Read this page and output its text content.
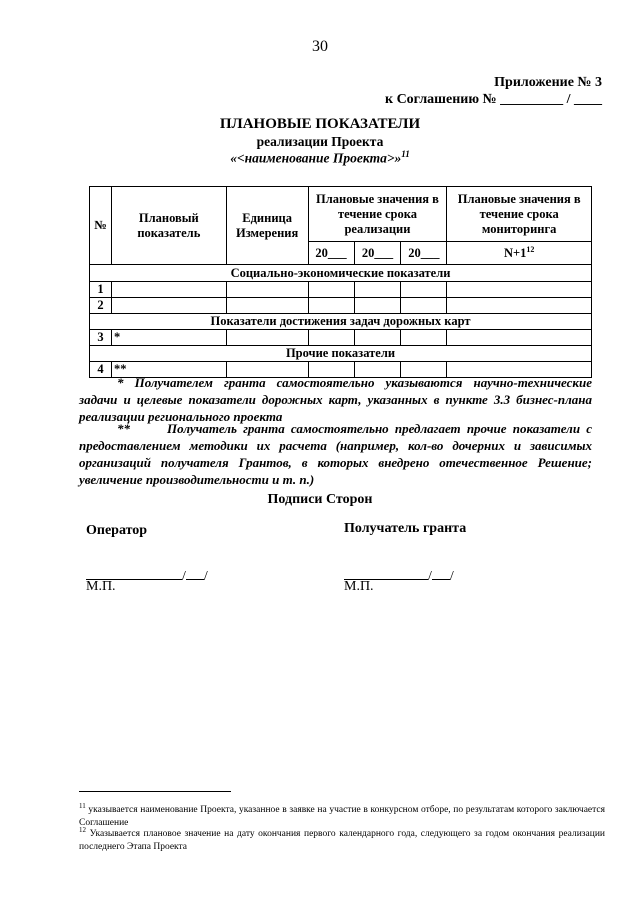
30
Приложение № 3
к Соглашению № _________ / ____
ПЛАНОВЫЕ ПОКАЗАТЕЛИ
реализации Проекта
«<наименование Проекта>»$^{11}$
№	Плановый показатель	Единица Измерения	Плановые значения в течение срока реализации			Плановые значения в течение срока мониторинга
			20___	20___	20___	$N+1^{12}$
Социально-экономические показатели						
1						
2						
Показатели достижения задач дорожных карт						
3	*					
Прочие показатели						
4	**					
* Получателем гранта самостоятельно указываются научно-технические задачи и целевые показатели дорожных карт, указанных в пункте 3.3 бизнес-плана реализации регионального проекта
**	Получатель гранта самостоятельно предлагает прочие показатели с предоставлением методики их расчета (например, кол-во дочерних и зависимых организаций получателя Грантов, в которых внедрено отечественное Решение; увеличение производительности и т. п.)
Подписи Сторон
Оператор	Получатель гранта
/ /	/ /
М.П.	М.П.
$^{11}$ указывается наименование Проекта, указанное в заявке на участие в конкурсном отборе, по результатам которого заключается Соглашение
$^{12}$ Указывается плановое значение на дату окончания первого календарного года, следующего за годом окончания реализации последнего Этапа Проекта
